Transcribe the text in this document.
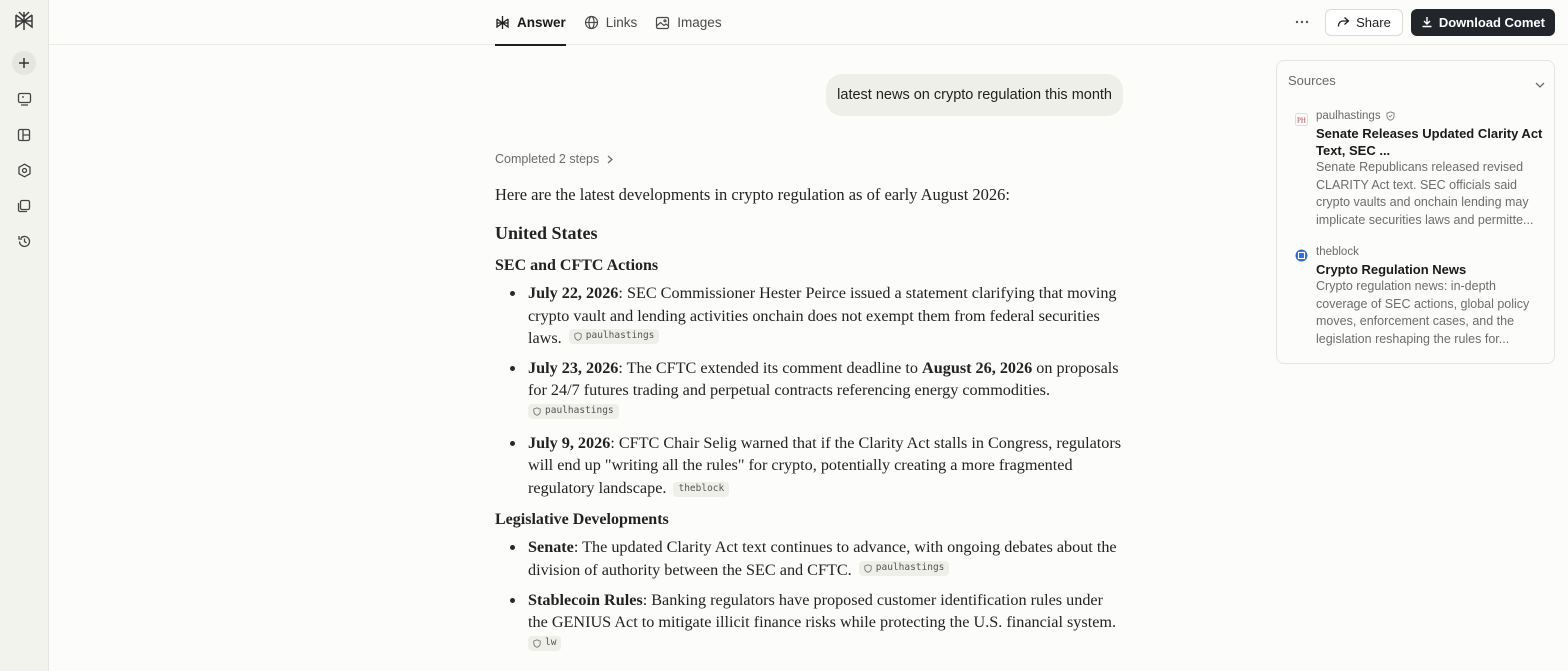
Answer	Links	Images	Share	Download Comet
latest news on crypto regulation this month
Completed 2 steps

Here are the latest developments in crypto regulation as of early August 2026:

United States
SEC and CFTC Actions
July 22, 2026: SEC Commissioner Hester Peirce issued a statement clarifying that moving crypto vault and lending activities onchain does not exempt them from federal securities laws.	paulhastings
July 23, 2026: The CFTC extended its comment deadline to August 26, 2026 on proposals for 24/7 futures trading and perpetual contracts referencing energy commodities.

paulhastings
July 9, 2026: CFTC Chair Selig warned that if the Clarity Act stalls in Congress, regulators will end up "writing all the rules" for crypto, potentially creating a more fragmented regulatory landscape. theblock
Legislative Developments
Senate: The updated Clarity Act text continues to advance, with ongoing debates about the division of authority between the SEC and CFTC.	paulhastings
Stablecoin Rules: Banking regulators have proposed customer identification rules under the GENIUS Act to mitigate illicit finance risks while protecting the U.S. financial system.

lw
Sources
PH paulhastings
Senate Releases Updated Clarity Act Text, SEC ...
Senate Republicans released revised CLARITY Act text. SEC officials said crypto vaults and onchain lending may implicate securities laws and permitte...
theblock
Crypto Regulation News
Crypto regulation news: in-depth coverage of SEC actions, global policy moves, enforcement cases, and the legislation reshaping the rules for...
